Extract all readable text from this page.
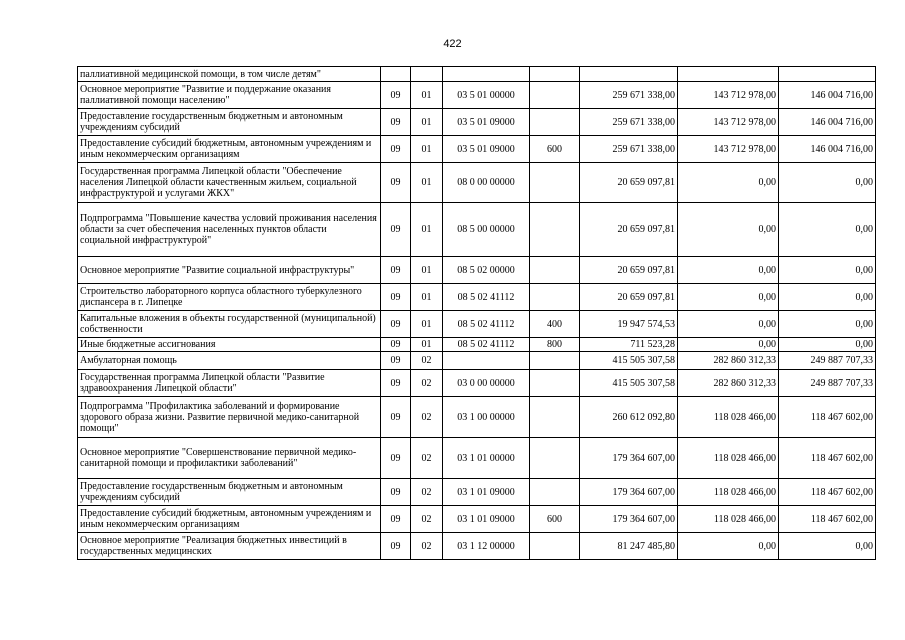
422
паллиативной медицинской помощи, в том числе детям"							
Основное мероприятие "Развитие и поддержание оказания паллиативной помощи населению"	09	01	03 5 01 00000		259 671 338,00	143 712 978,00	146 004 716,00
Предоставление государственным бюджетным и автономным учреждениям субсидий	09	01	03 5 01 09000		259 671 338,00	143 712 978,00	146 004 716,00
Предоставление субсидий бюджетным, автономным учреждениям и иным некоммерческим организациям	09	01	03 5 01 09000	600	259 671 338,00	143 712 978,00	146 004 716,00
Государственная программа Липецкой области "Обеспечение населения Липецкой области качественным жильем, социальной инфраструктурой и услугами ЖКХ"	09	01	08 0 00 00000		20 659 097,81	0,00	0,00
Подпрограмма "Повышение качества условий проживания населения области за счет обеспечения населенных пунктов области социальной инфраструктурой"	09	01	08 5 00 00000		20 659 097,81	0,00	0,00
Основное мероприятие "Развитие социальной инфраструктуры"	09	01	08 5 02 00000		20 659 097,81	0,00	0,00
Строительство лабораторного корпуса областного туберкулезного диспансера в г. Липецке	09	01	08 5 02 41112		20 659 097,81	0,00	0,00
Капитальные вложения в объекты государственной (муниципальной) собственности	09	01	08 5 02 41112	400	19 947 574,53	0,00	0,00
Иные бюджетные ассигнования	09	01	08 5 02 41112	800	711 523,28	0,00	0,00
Амбулаторная помощь	09	02			415 505 307,58	282 860 312,33	249 887 707,33
Государственная программа Липецкой области "Развитие здравоохранения Липецкой области"	09	02	03 0 00 00000		415 505 307,58	282 860 312,33	249 887 707,33
Подпрограмма "Профилактика заболеваний и формирование здорового образа жизни. Развитие первичной медико-санитарной помощи"	09	02	03 1 00 00000		260 612 092,80	118 028 466,00	118 467 602,00
Основное мероприятие "Совершенствование первичной медико-санитарной помощи и профилактики заболеваний"	09	02	03 1 01 00000		179 364 607,00	118 028 466,00	118 467 602,00
Предоставление государственным бюджетным и автономным учреждениям субсидий	09	02	03 1 01 09000		179 364 607,00	118 028 466,00	118 467 602,00
Предоставление субсидий бюджетным, автономным учреждениям и иным некоммерческим организациям	09	02	03 1 01 09000	600	179 364 607,00	118 028 466,00	118 467 602,00
Основное мероприятие "Реализация бюджетных инвестиций в государственных медицинских	09	02	03 1 12 00000		81 247 485,80	0,00	0,00
